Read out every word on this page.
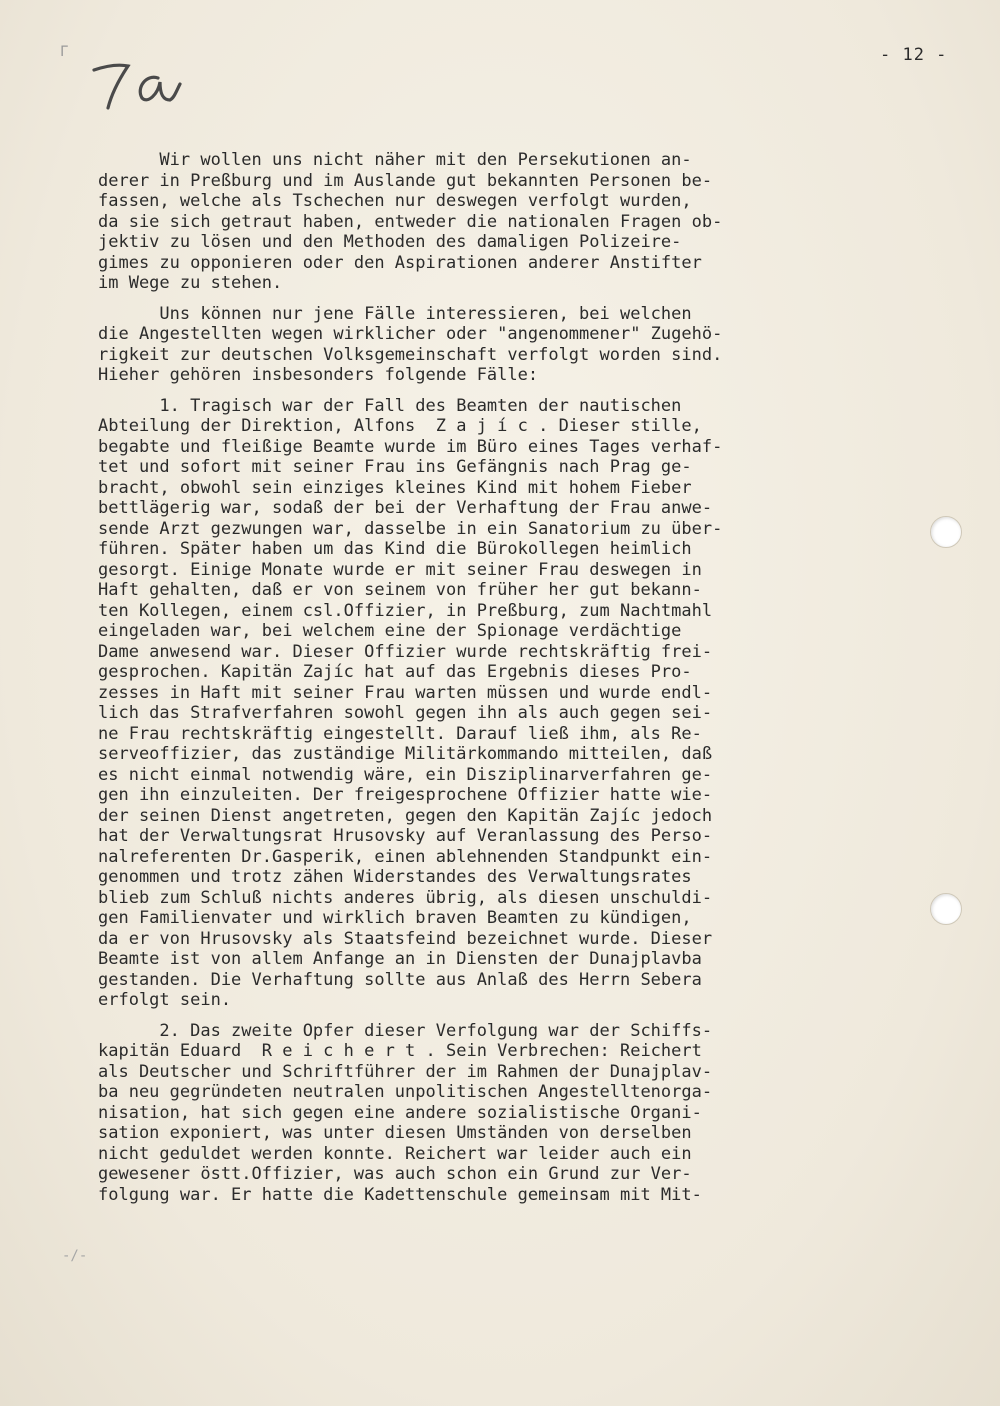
Γ	- 12 -
-/-
Wir wollen uns nicht näher mit den Persekutionen an-
derer in Preßburg und im Auslande gut bekannten Personen be-
fassen, welche als Tschechen nur deswegen verfolgt wurden,
da sie sich getraut haben, entweder die nationalen Fragen ob-
jektiv zu lösen und den Methoden des damaligen Polizeire-
gimes zu opponieren oder den Aspirationen anderer Anstifter
im Wege zu stehen.
Uns können nur jene Fälle interessieren, bei welchen
die Angestellten wegen wirklicher oder "angenommener" Zugehö-
rigkeit zur deutschen Volksgemeinschaft verfolgt worden sind.
Hieher gehören insbesonders folgende Fälle:
1. Tragisch war der Fall des Beamten der nautischen
Abteilung der Direktion, Alfons  Z a j í c . Dieser stille,
begabte und fleißige Beamte wurde im Büro eines Tages verhaf-
tet und sofort mit seiner Frau ins Gefängnis nach Prag ge-
bracht, obwohl sein einziges kleines Kind mit hohem Fieber
bettlägerig war, sodaß der bei der Verhaftung der Frau anwe-
sende Arzt gezwungen war, dasselbe in ein Sanatorium zu über-
führen. Später haben um das Kind die Bürokollegen heimlich
gesorgt. Einige Monate wurde er mit seiner Frau deswegen in
Haft gehalten, daß er von seinem von früher her gut bekann-
ten Kollegen, einem csl.Offizier, in Preßburg, zum Nachtmahl
eingeladen war, bei welchem eine der Spionage verdächtige
Dame anwesend war. Dieser Offizier wurde rechtskräftig frei-
gesprochen. Kapitän Zajíc hat auf das Ergebnis dieses Pro-
zesses in Haft mit seiner Frau warten müssen und wurde endl-
lich das Strafverfahren sowohl gegen ihn als auch gegen sei-
ne Frau rechtskräftig eingestellt. Darauf ließ ihm, als Re-
serveoffizier, das zuständige Militärkommando mitteilen, daß
es nicht einmal notwendig wäre, ein Disziplinarverfahren ge-
gen ihn einzuleiten. Der freigesprochene Offizier hatte wie-
der seinen Dienst angetreten, gegen den Kapitän Zajíc jedoch
hat der Verwaltungsrat Hrusovsky auf Veranlassung des Perso-
nalreferenten Dr.Gasperik, einen ablehnenden Standpunkt ein-
genommen und trotz zähen Widerstandes des Verwaltungsrates
blieb zum Schluß nichts anderes übrig, als diesen unschuldi-
gen Familienvater und wirklich braven Beamten zu kündigen,
da er von Hrusovsky als Staatsfeind bezeichnet wurde. Dieser
Beamte ist von allem Anfange an in Diensten der Dunajplavba
gestanden. Die Verhaftung sollte aus Anlaß des Herrn Sebera
erfolgt sein.
2. Das zweite Opfer dieser Verfolgung war der Schiffs-
kapitän Eduard  R e i c h e r t . Sein Verbrechen: Reichert
als Deutscher und Schriftführer der im Rahmen der Dunajplav-
ba neu gegründeten neutralen unpolitischen Angestelltenorga-
nisation, hat sich gegen eine andere sozialistische Organi-
sation exponiert, was unter diesen Umständen von derselben
nicht geduldet werden konnte. Reichert war leider auch ein
gewesener östt.Offizier, was auch schon ein Grund zur Ver-
folgung war. Er hatte die Kadettenschule gemeinsam mit Mit-
